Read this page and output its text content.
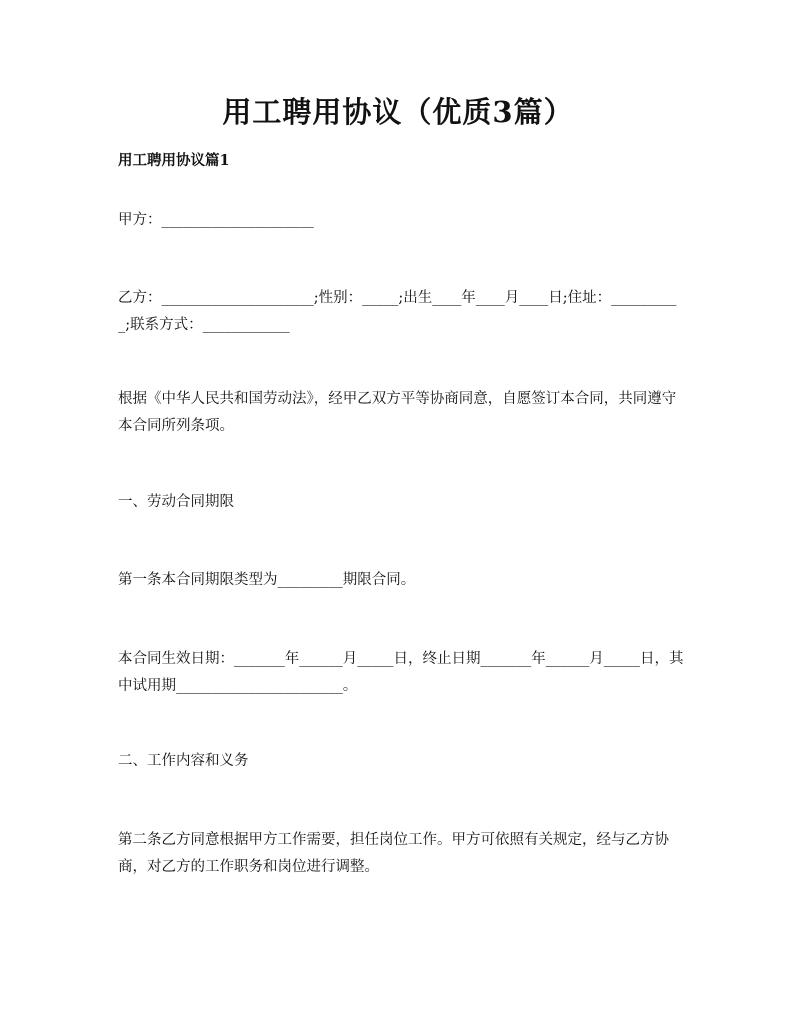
用工聘用协议（优质3篇）
用工聘用协议篇1
甲方：_____________________
乙方：_____________________;性别：_____;出生____年____月____日;住址：__________;联系方式：____________
根据《中华人民共和国劳动法》，经甲乙双方平等协商同意，自愿签订本合同，共同遵守本合同所列条项。
一、劳动合同期限
第一条本合同期限类型为_________期限合同。
本合同生效日期：_______年______月_____日，终止日期_______年______月_____日，其中试用期_______________________。
二、工作内容和义务
第二条乙方同意根据甲方工作需要，担任岗位工作。甲方可依照有关规定，经与乙方协商，对乙方的工作职务和岗位进行调整。
